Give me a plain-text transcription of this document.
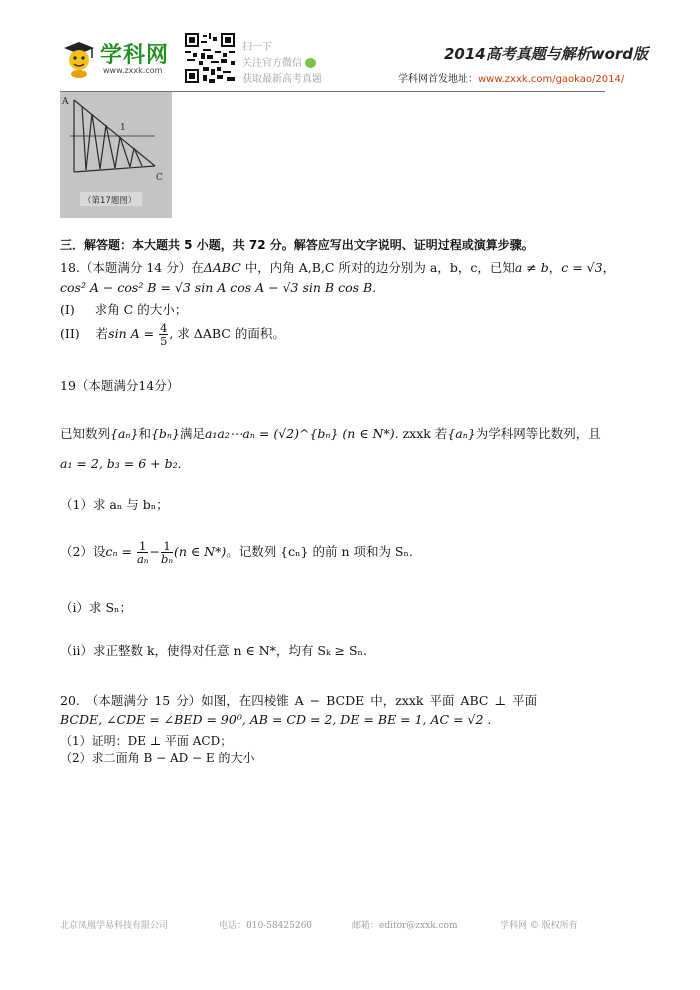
学科网
www.zxxk.com
扫一下
关注官方微信
获取最新高考真题
2014高考真题与解析word版
学科网首发地址：www.zxxk.com/gaokao/2014/
A
C
1
（第17题图）
三．解答题：本大题共 5 小题，共 72 分。解答应写出文字说明、证明过程或演算步骤。
18.（本题满分 14 分）在ΔABC 中，内角 A,B,C 所对的边分别为 a，b，c，已知a ≠ b，c = √3，
cos² A − cos² B = √3 sin A cos A − √3 sin B cos B.
(I) 求角 C 的大小；
(II) 若$\sin A = \frac{4}{5}$ , 求 ΔABC 的面积。
19（本题满分14分）
已知数列{aₙ}和{bₙ}满足a₁a₂⋯aₙ = (√2)^{bₙ} (n ∈ N*). zxxk 若{aₙ}为学科网等比数列，且
a₁ = 2, b₃ = 6 + b₂.
（1）求 aₙ 与 bₙ；
（2）设$c_n = \frac{1}{\text{aₙ}} - \frac{1}{\text{bₙ}} (n$ ∈ N*)。记数列 {cₙ} 的前 n 项和为 Sₙ.
（i）求 Sₙ；
（ii）求正整数 k，使得对任意 n ∈ N*，均有 Sₖ ≥ Sₙ.
20. （本题满分 15 分）如图，在四棱锥 A − BCDE 中，zxxk 平面 ABC ⊥ 平面
BCDE, ∠CDE = ∠BED = 90⁰, AB = CD = 2, DE = BE = 1, AC = √2 .
（1）证明：DE ⊥ 平面 ACD；
（2）求二面角 B − AD − E 的大小
北京凤凰学易科技有限公司	电话：010-58425260	邮箱：editor@zxxk.com	学科网 © 版权所有
